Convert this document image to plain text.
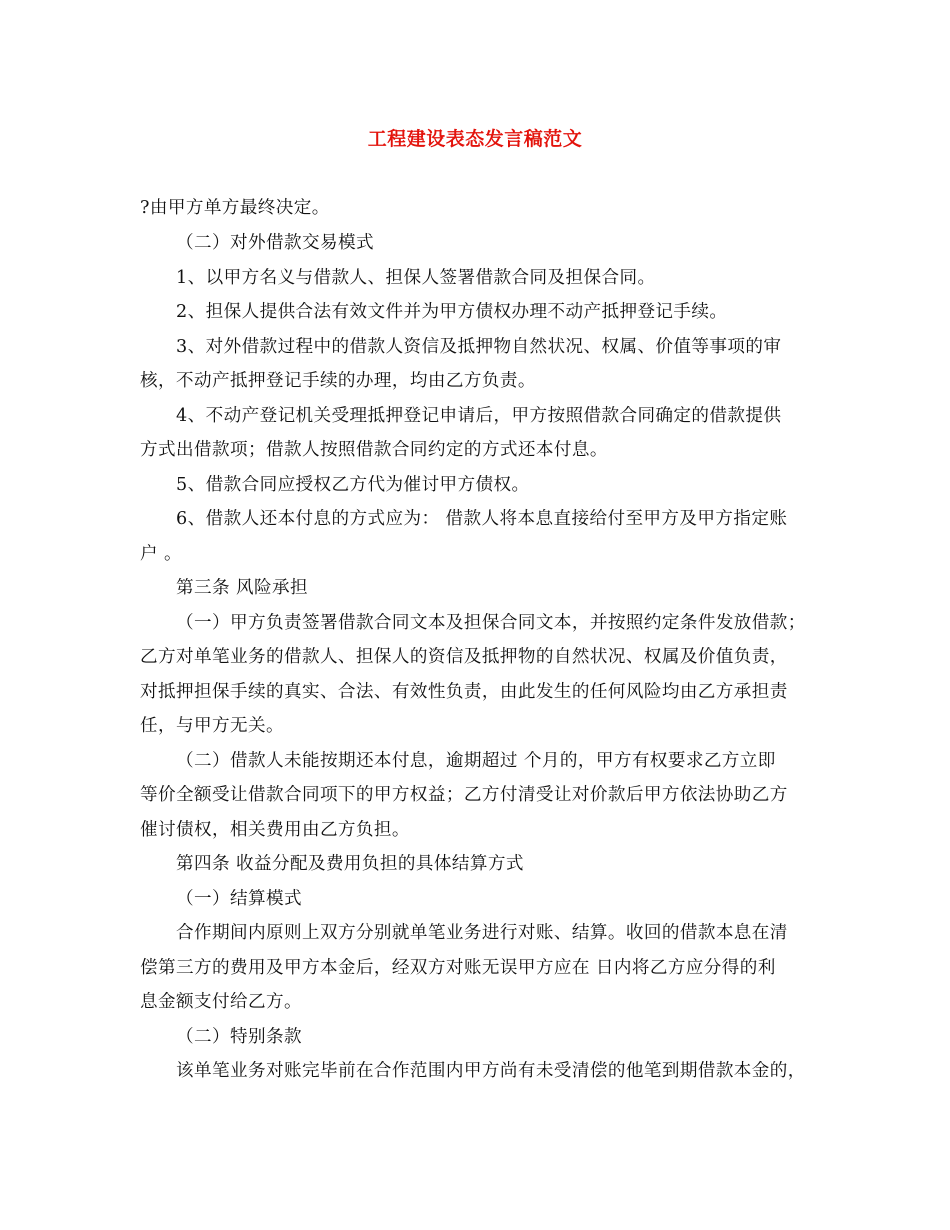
工程建设表态发言稿范文
?由甲方单方最终决定。
（二）对外借款交易模式
1、以甲方名义与借款人、担保人签署借款合同及担保合同。
2、担保人提供合法有效文件并为甲方债权办理不动产抵押登记手续。
3、对外借款过程中的借款人资信及抵押物自然状况、权属、价值等事项的审
核，不动产抵押登记手续的办理，均由乙方负责。
4、不动产登记机关受理抵押登记申请后，甲方按照借款合同确定的借款提供
方式出借款项；借款人按照借款合同约定的方式还本付息。
5、借款合同应授权乙方代为催讨甲方债权。
6、借款人还本付息的方式应为： 借款人将本息直接给付至甲方及甲方指定账
户 。
第三条 风险承担
（一）甲方负责签署借款合同文本及担保合同文本，并按照约定条件发放借款；
乙方对单笔业务的借款人、担保人的资信及抵押物的自然状况、权属及价值负责，
对抵押担保手续的真实、合法、有效性负责，由此发生的任何风险均由乙方承担责
任，与甲方无关。
（二）借款人未能按期还本付息，逾期超过 个月的，甲方有权要求乙方立即
等价全额受让借款合同项下的甲方权益；乙方付清受让对价款后甲方依法协助乙方
催讨债权，相关费用由乙方负担。
第四条 收益分配及费用负担的具体结算方式
（一）结算模式
合作期间内原则上双方分别就单笔业务进行对账、结算。收回的借款本息在清
偿第三方的费用及甲方本金后，经双方对账无误甲方应在 日内将乙方应分得的利
息金额支付给乙方。
（二）特别条款
该单笔业务对账完毕前在合作范围内甲方尚有未受清偿的他笔到期借款本金的，
